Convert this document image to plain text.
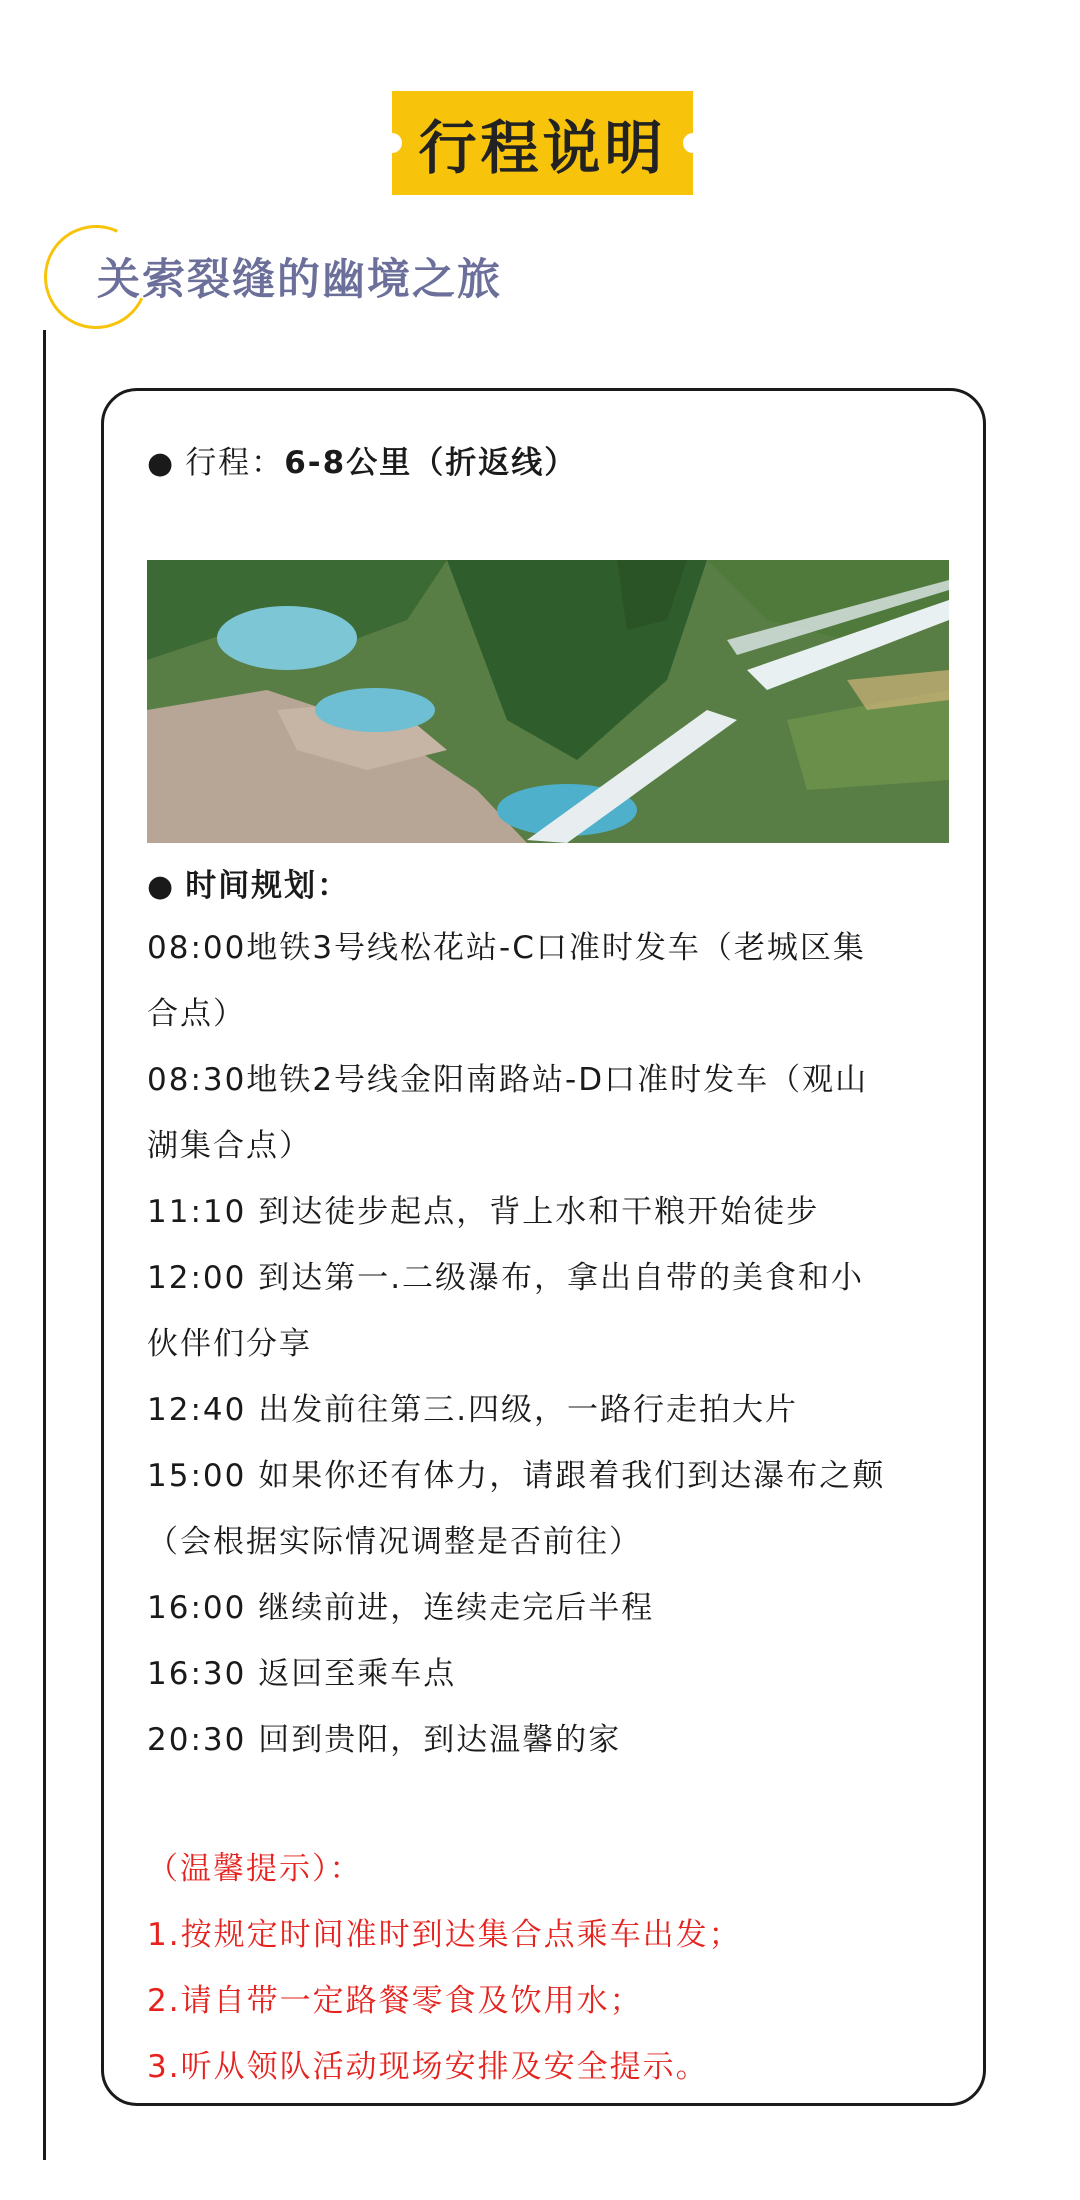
行程说明
关索裂缝的幽境之旅

● 行程：6-8公里（折返线）

● 时间规划：

08:00地铁3号线松花站-C口准时发车（老城区集

合点）

08:30地铁2号线金阳南路站-D口准时发车（观山

湖集合点）

11:10 到达徒步起点，背上水和干粮开始徒步

12:00 到达第一.二级瀑布，拿出自带的美食和小

伙伴们分享

12:40 出发前往第三.四级，一路行走拍大片

15:00 如果你还有体力，请跟着我们到达瀑布之颠

（会根据实际情况调整是否前往）

16:00 继续前进，连续走完后半程

16:30 返回至乘车点

20:30 回到贵阳，到达温馨的家

（温馨提示）：

1.按规定时间准时到达集合点乘车出发；

2.请自带一定路餐零食及饮用水；

3.听从领队活动现场安排及安全提示。
